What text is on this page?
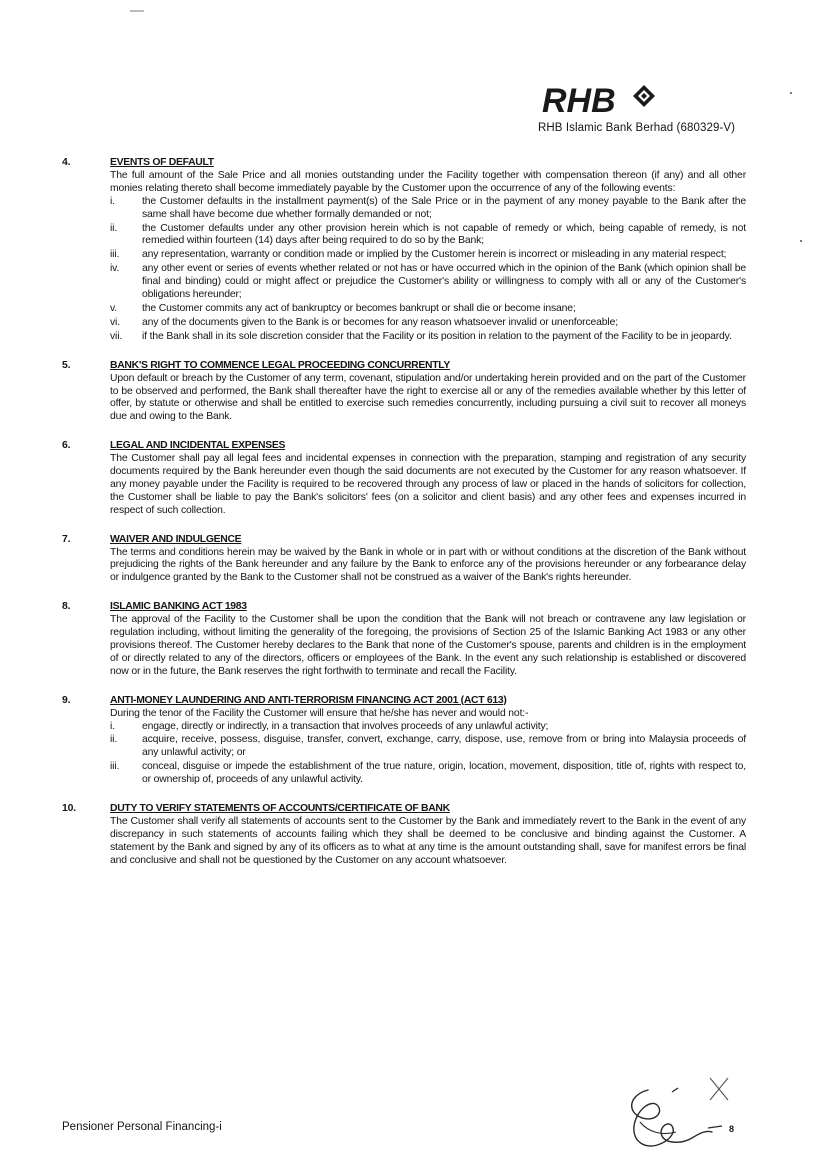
RHB
RHB Islamic Bank Berhad (680329-V)
4.	EVENTS OF DEFAULT

The full amount of the Sale Price and all monies outstanding under the Facility together with compensation thereon (if any) and all other monies relating thereto shall become immediately payable by the Customer upon the occurrence of any of the following events:

i.	the Customer defaults in the installment payment(s) of the Sale Price or in the payment of any money payable to the Bank after the same shall have become due whether formally demanded or not;
ii. the Customer defaults under any other provision herein which is not capable of remedy or which, being capable of remedy, is not remedied within fourteen (14) days after being required to do so by the Bank;
iii. any representation, warranty or condition made or implied by the Customer herein is incorrect or misleading in any material respect;
iv. any other event or series of events whether related or not has or have occurred which in the opinion of the Bank (which opinion shall be final and binding) could or might affect or prejudice the Customer's ability or willingness to comply with all or any of the Customer's obligations hereunder;
v. the Customer commits any act of bankruptcy or becomes bankrupt or shall die or become insane;
vi. any of the documents given to the Bank is or becomes for any reason whatsoever invalid or unenforceable;
vii. if the Bank shall in its sole discretion consider that the Facility or its position in relation to the payment of the Facility to be in jeopardy.
5.	BANK'S RIGHT TO COMMENCE LEGAL PROCEEDING CONCURRENTLY

Upon default or breach by the Customer of any term, covenant, stipulation and/or undertaking herein provided and on the part of the Customer to be observed and performed, the Bank shall thereafter have the right to exercise all or any of the remedies available whether by this letter of offer, by statute or otherwise and shall be entitled to exercise such remedies concurrently, including pursuing a civil suit to recover all moneys due and owing to the Bank.

6.	LEGAL AND INCIDENTAL EXPENSES

The Customer shall pay all legal fees and incidental expenses in connection with the preparation, stamping and registration of any security documents required by the Bank hereunder even though the said documents are not executed by the Customer for any reason whatsoever. If any money payable under the Facility is required to be recovered through any process of law or placed in the hands of solicitors for collection, the Customer shall be liable to pay the Bank's solicitors' fees (on a solicitor and client basis) and any other fees and expenses incurred in respect of such collection.

7.	WAIVER AND INDULGENCE

The terms and conditions herein may be waived by the Bank in whole or in part with or without conditions at the discretion of the Bank without prejudicing the rights of the Bank hereunder and any failure by the Bank to enforce any of the provisions hereunder or any forbearance delay or indulgence granted by the Bank to the Customer shall not be construed as a waiver of the Bank's rights hereunder.

8.	ISLAMIC BANKING ACT 1983

The approval of the Facility to the Customer shall be upon the condition that the Bank will not breach or contravene any law legislation or regulation including, without limiting the generality of the foregoing, the provisions of Section 25 of the Islamic Banking Act 1983 or any other provisions thereof. The Customer hereby declares to the Bank that none of the Customer's spouse, parents and children is in the employment of or directly related to any of the directors, officers or employees of the Bank. In the event any such relationship is established or discovered now or in the future, the Bank reserves the right forthwith to terminate and recall the Facility.

9.	ANTI-MONEY LAUNDERING AND ANTI-TERRORISM FINANCING ACT 2001 (ACT 613)

During the tenor of the Facility the Customer will ensure that he/she has never and would not:-

i.	engage, directly or indirectly, in a transaction that involves proceeds of any unlawful activity;
ii. acquire, receive, possess, disguise, transfer, convert, exchange, carry, dispose, use, remove from or bring into Malaysia proceeds of any unlawful activity; or
iii. conceal, disguise or impede the establishment of the true nature, origin, location, movement, disposition, title of, rights with respect to, or ownership of, proceeds of any unlawful activity.
10.	DUTY TO VERIFY STATEMENTS OF ACCOUNTS/CERTIFICATE OF BANK

The Customer shall verify all statements of accounts sent to the Customer by the Bank and immediately revert to the Bank in the event of any discrepancy in such statements of accounts failing which they shall be deemed to be conclusive and binding against the Customer. A statement by the Bank and signed by any of its officers as to what at any time is the amount outstanding shall, save for manifest errors be final and conclusive and shall not be questioned by the Customer on any account whatsoever.

8
Pensioner Personal Financing-i
